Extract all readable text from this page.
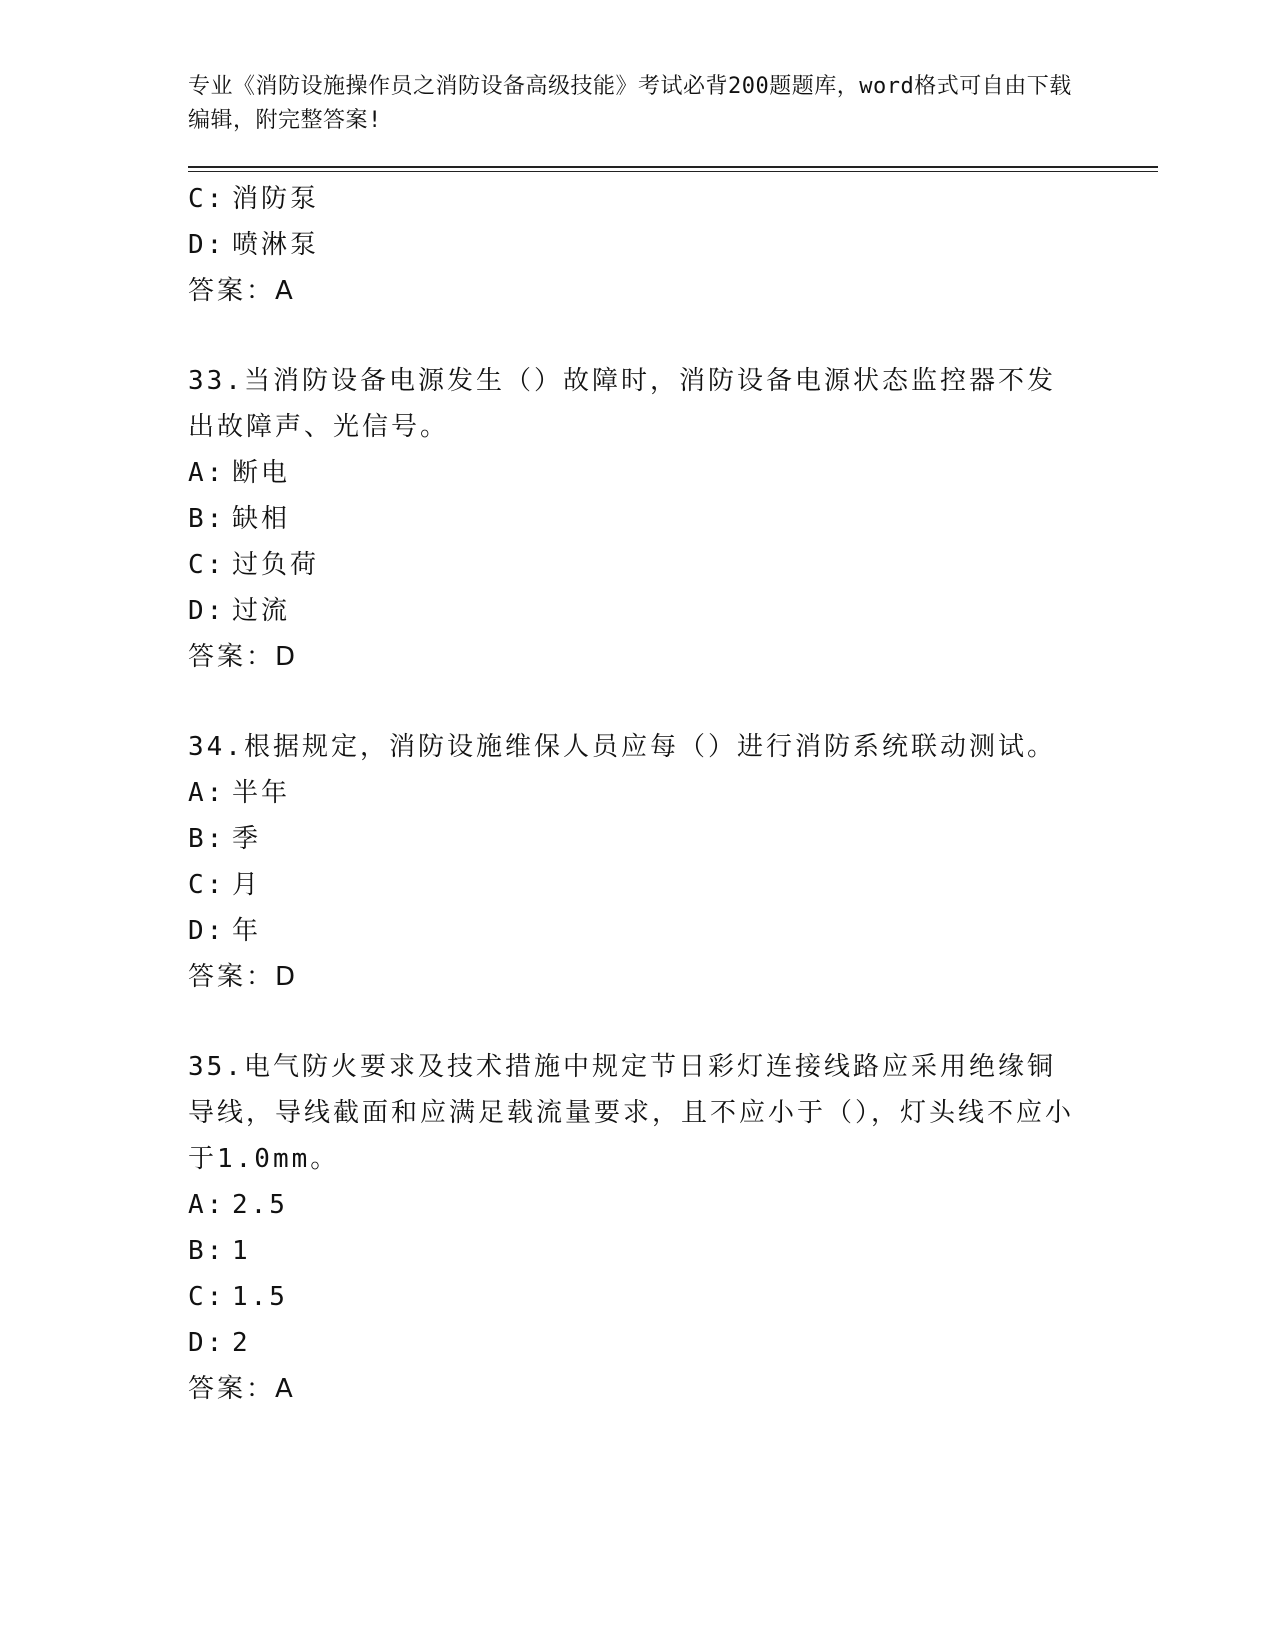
专业《消防设施操作员之消防设备高级技能》考试必背200题题库，word格式可自由下载编辑，附完整答案!

C: 消防泵
D: 喷淋泵
答案：A

33.当消防设备电源发生（）故障时，消防设备电源状态监控器不发出故障声、光信号。

A: 断电
B: 缺相
C: 过负荷
D: 过流
答案：D

34.根据规定，消防设施维保人员应每（）进行消防系统联动测试。

A: 半年
B: 季
C: 月
D: 年
答案：D

35.电气防火要求及技术措施中规定节日彩灯连接线路应采用绝缘铜导线，导线截面和应满足载流量要求，且不应小于（），灯头线不应小于1.0mm。

A: 2.5
B: 1
C: 1.5
D: 2
答案：A
